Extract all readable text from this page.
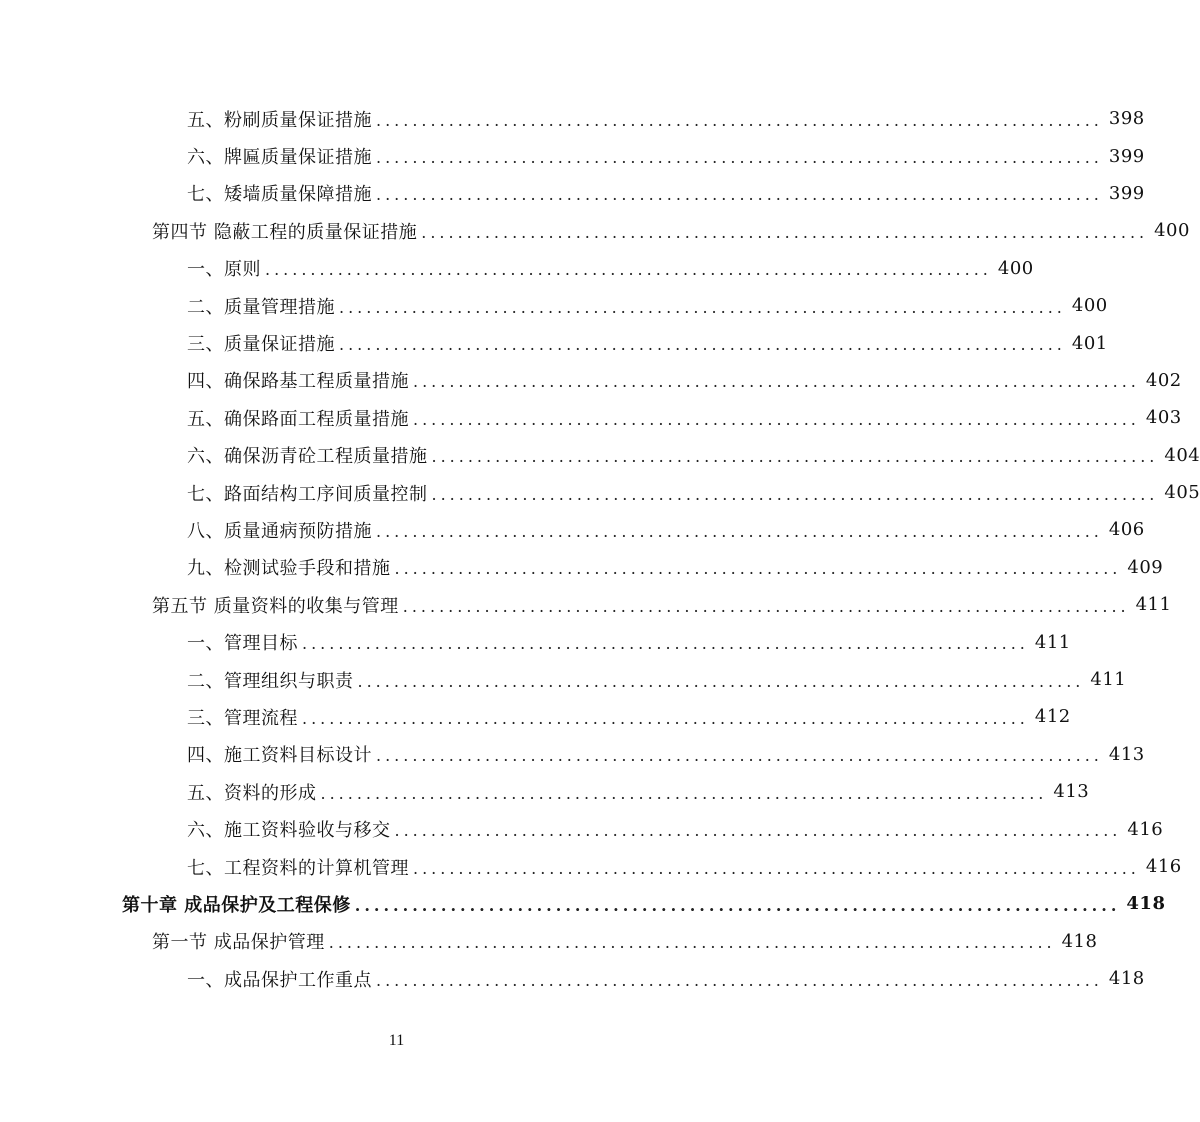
五、粉刷质量保证措施 ................................................................................ 398
六、牌匾质量保证措施 ................................................................................ 399
七、矮墙质量保障措施 ................................................................................ 399
第四节 隐蔽工程的质量保证措施 ................................................................................ 400
一、原则 ................................................................................ 400
二、质量管理措施 ................................................................................ 400
三、质量保证措施 ................................................................................ 401
四、确保路基工程质量措施 ................................................................................ 402
五、确保路面工程质量措施 ................................................................................ 403
六、确保沥青砼工程质量措施 ................................................................................ 404
七、路面结构工序间质量控制 ................................................................................ 405
八、质量通病预防措施 ................................................................................ 406
九、检测试验手段和措施 ................................................................................ 409
第五节 质量资料的收集与管理 ................................................................................ 411
一、管理目标 ................................................................................ 411
二、管理组织与职责 ................................................................................ 411
三、管理流程 ................................................................................ 412
四、施工资料目标设计 ................................................................................ 413
五、资料的形成 ................................................................................ 413
六、施工资料验收与移交 ................................................................................ 416
七、工程资料的计算机管理 ................................................................................ 416
第十章 成品保护及工程保修 ................................................................................ 418
第一节 成品保护管理 ................................................................................ 418
一、成品保护工作重点 ................................................................................ 418
11
